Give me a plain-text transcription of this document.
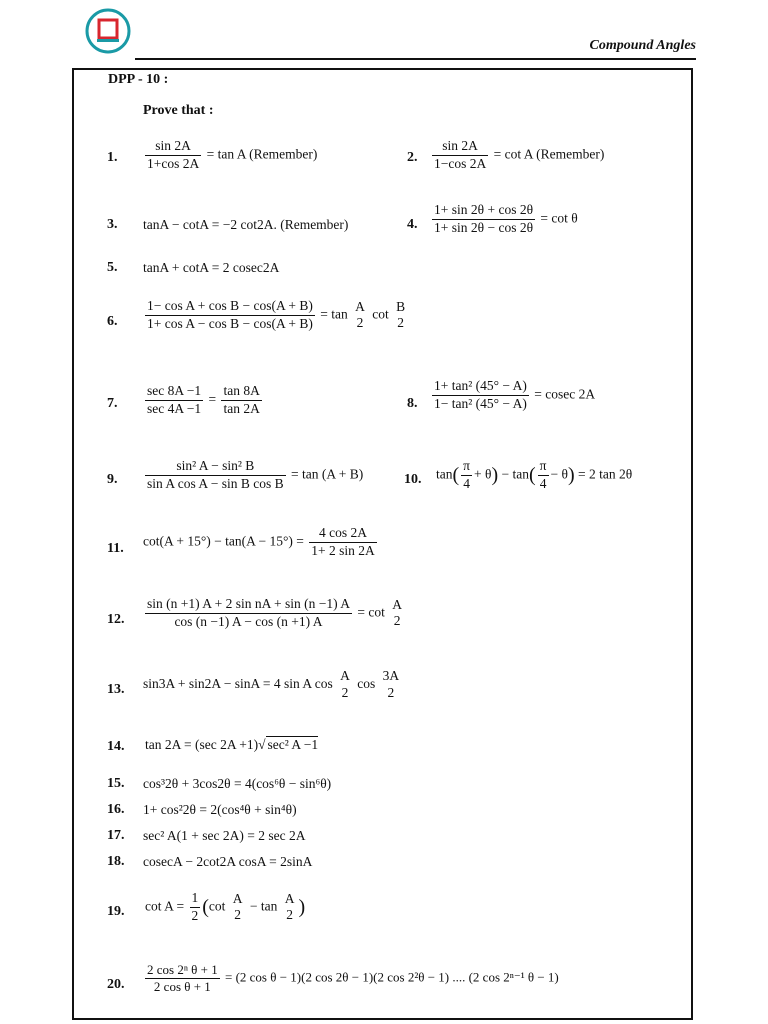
Compound Angles
DPP - 10 :
Prove that :
1. $\frac{\sin 2A}{1+\cos 2A} = \tan A$ (Remember)	2. $\frac{\sin 2A}{1-\cos 2A} = \cot A$ (Remember)
3. tanA − cotA = −2 cot2A. (Remember)	4. $\frac{1+ \sin 2\theta + \cos 2\theta}{1+ \sin 2\theta - \cos 2\theta} = \cot \theta$
5. tanA + cotA = 2 cosec2A
6. $\frac{\text{1− cos A + cos B − cos(A + B)}}{\text{1+ cos A − cos B − cos(A + B)}} = \tan$
A
2
cot
B
2
7. $\frac{\sec 8A -1}{\sec 4A -1} = \frac{\tan 8A}{\tan 2A}$	8. $\frac{\text{1+ tan² (45° − A)}}{\text{1− tan² (45° − A)}} = cosec$ 2A
9. $\frac{\text{sin² A − sin² B}}{\text{sin A cos A − sin B cos B}} = \tan (A + B)$	10. $\tan( \frac{\pi}{4} + \theta) - \tan( \frac{\pi}{4} - \theta) = 2$ tan 2θ
11.
$\cot(A + 15^\circ) - \tan(A - 15^\circ) = \frac{4 \cos 2A}{1+ 2 \sin 2A}$
12. $\frac{\text{sin (n +1) A + 2 sin nA + sin (n −1) A}}{\cos (n -1) A - \cos (n +1) A} = \cot$
A
2
13. sin3A + sin2A − sinA = 4 sin A cos
A
2
cos
3A
2
14. tan 2A = (sec 2A +1)√ sec² A −1
15. cos³2θ + 3cos2θ = 4(cos⁶θ − sin⁶θ)
16. 1+ cos²2θ = 2(cos⁴θ + sin⁴θ)
17. sec² A(1 + sec 2A) = 2 sec 2A
18. cosecA − 2cot2A cosA = 2sinA
19. $\cot A = \frac{1}{2} (\cot$
A
2
− tan
A
2 )
20. $\frac{\text{2 cos 2ⁿ θ + 1}}{\text{2 cos θ + 1}} = (2$ cos θ − 1)(2 cos 2θ − 1)(2 cos 2²θ − 1) .... (2 cos 2ⁿ⁻¹ θ − 1)
